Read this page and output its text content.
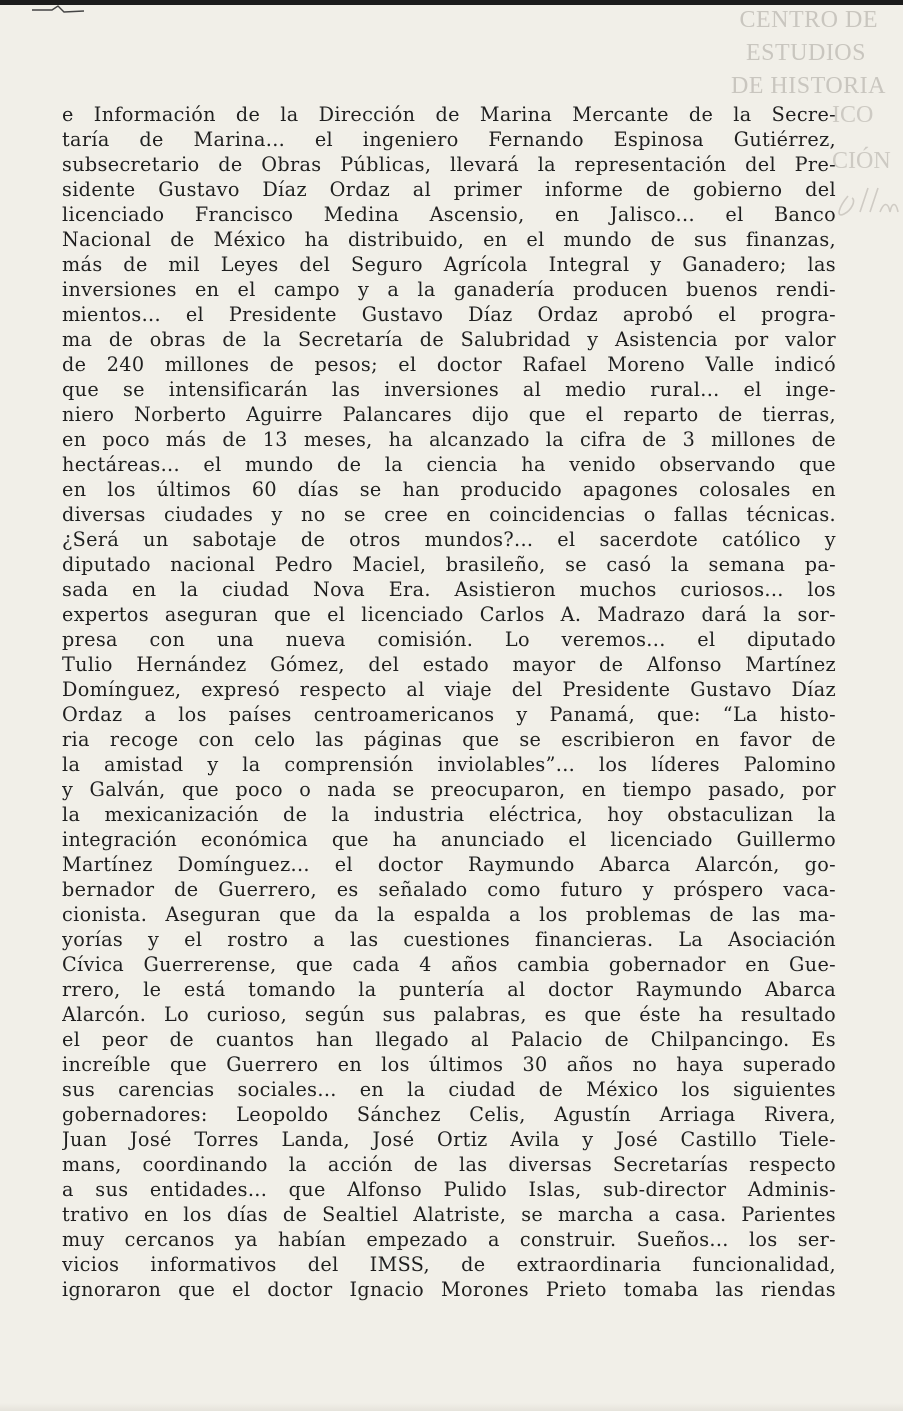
CENTRO DE
ESTUDIOS
DE HISTORIA
ICO
CIÓN
e Información de la Dirección de Marina Mercante de la Secre-
taría de Marina... el ingeniero Fernando Espinosa Gutiérrez,
subsecretario de Obras Públicas, llevará la representación del Pre-
sidente Gustavo Díaz Ordaz al primer informe de gobierno del
licenciado Francisco Medina Ascensio, en Jalisco... el Banco
Nacional de México ha distribuido, en el mundo de sus finanzas,
más de mil Leyes del Seguro Agrícola Integral y Ganadero; las
inversiones en el campo y a la ganadería producen buenos rendi-
mientos... el Presidente Gustavo Díaz Ordaz aprobó el progra-
ma de obras de la Secretaría de Salubridad y Asistencia por valor
de 240 millones de pesos; el doctor Rafael Moreno Valle indicó
que se intensificarán las inversiones al medio rural... el inge-
niero Norberto Aguirre Palancares dijo que el reparto de tierras,
en poco más de 13 meses, ha alcanzado la cifra de 3 millones de
hectáreas... el mundo de la ciencia ha venido observando que
en los últimos 60 días se han producido apagones colosales en
diversas ciudades y no se cree en coincidencias o fallas técnicas.
¿Será un sabotaje de otros mundos?... el sacerdote católico y
diputado nacional Pedro Maciel, brasileño, se casó la semana pa-
sada en la ciudad Nova Era. Asistieron muchos curiosos... los
expertos aseguran que el licenciado Carlos A. Madrazo dará la sor-
presa con una nueva comisión. Lo veremos... el diputado
Tulio Hernández Gómez, del estado mayor de Alfonso Martínez
Domínguez, expresó respecto al viaje del Presidente Gustavo Díaz
Ordaz a los países centroamericanos y Panamá, que: “La histo-
ria recoge con celo las páginas que se escribieron en favor de
la amistad y la comprensión inviolables”... los líderes Palomino
y Galván, que poco o nada se preocuparon, en tiempo pasado, por
la mexicanización de la industria eléctrica, hoy obstaculizan la
integración económica que ha anunciado el licenciado Guillermo
Martínez Domínguez... el doctor Raymundo Abarca Alarcón, go-
bernador de Guerrero, es señalado como futuro y próspero vaca-
cionista. Aseguran que da la espalda a los problemas de las ma-
yorías y el rostro a las cuestiones financieras. La Asociación
Cívica Guerrerense, que cada 4 años cambia gobernador en Gue-
rrero, le está tomando la puntería al doctor Raymundo Abarca
Alarcón. Lo curioso, según sus palabras, es que éste ha resultado
el peor de cuantos han llegado al Palacio de Chilpancingo. Es
increíble que Guerrero en los últimos 30 años no haya superado
sus carencias sociales... en la ciudad de México los siguientes
gobernadores: Leopoldo Sánchez Celis, Agustín Arriaga Rivera,
Juan José Torres Landa, José Ortiz Avila y José Castillo Tiele-
mans, coordinando la acción de las diversas Secretarías respecto
a sus entidades... que Alfonso Pulido Islas, sub-director Adminis-
trativo en los días de Sealtiel Alatriste, se marcha a casa. Parientes
muy cercanos ya habían empezado a construir. Sueños... los ser-
vicios informativos del IMSS, de extraordinaria funcionalidad,
ignoraron que el doctor Ignacio Morones Prieto tomaba las riendas
